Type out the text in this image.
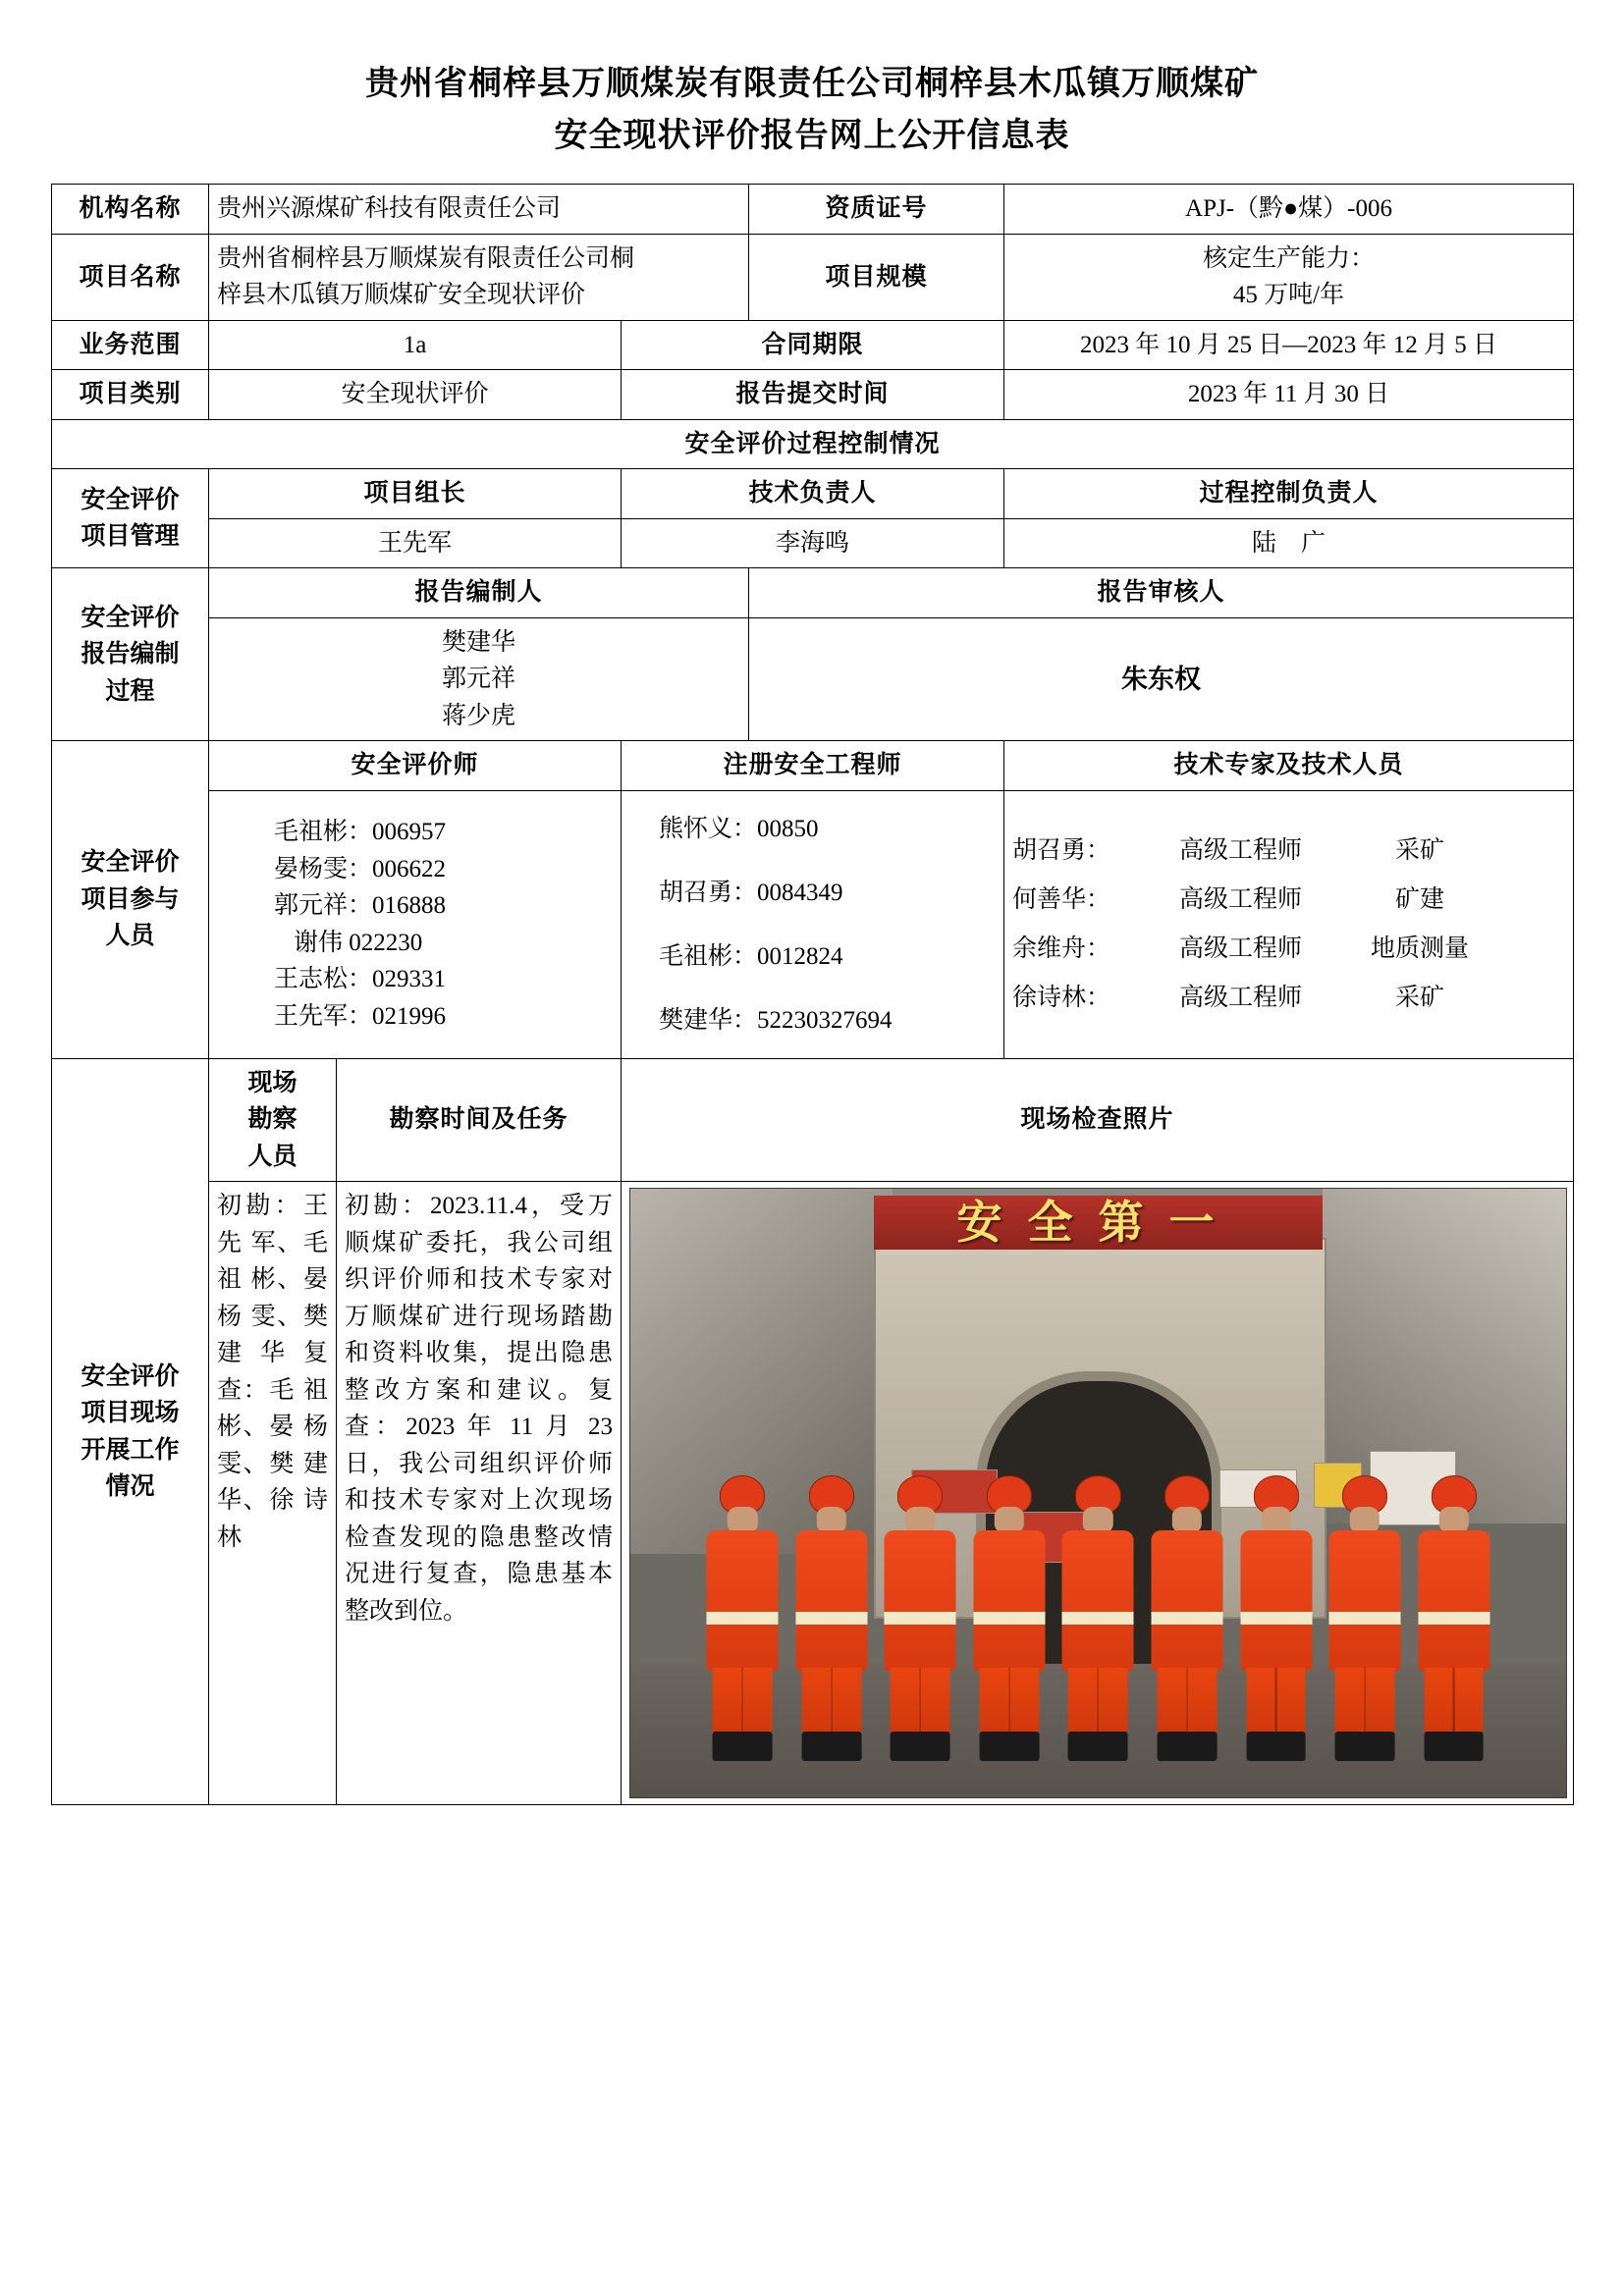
贵州省桐梓县万顺煤炭有限责任公司桐梓县木瓜镇万顺煤矿
安全现状评价报告网上公开信息表
机构名称	贵州兴源煤矿科技有限责任公司			资质证号	APJ-（黔●煤）-006
项目名称	
贵州省桐梓县万顺煤炭有限责任公司桐
梓县木瓜镇万顺煤矿安全现状评价
	项目规模	
核定生产能力：
45 万吨/年

业务范围	1a		合同期限		2023 年 10 月 25 日—2023 年 12 月 5 日
项目类别	安全现状评价		报告提交时间		2023 年 11 月 30 日
安全评价过程控制情况					

安全评价
项目管理	项目组长		技术负责人		过程控制负责人
	王先军		李海鸣		陆　广

安全评价
报告编制
过程	报告编制人			报告审核人	

	樊建华
郭元祥
蒋少虎			朱东权	

安全评价
项目参与
人员	安全评价师		注册安全工程师		技术专家及技术人员

毛祖彬：006957
晏杨雯：006622
郭元祥：016888
谢伟 022230
王志松：029331
王先军：021996

熊怀义：00850
胡召勇：0084349
毛祖彬：0012824
樊建华：52230327694

胡召勇：	高级工程师	采矿
何善华：	高级工程师	矿建
余维舟：	高级工程师	地质测量
徐诗林：	高级工程师	采矿

安全评价
项目现场
开展工作
情况

现场
勘察
人员
	勘察时间及任务	现场检查照片
	初勘：王 先 军、毛 祖 彬、晏 杨 雯、樊 建 华 复查：毛 祖 彬、晏 杨 雯、樊 建 华、徐 诗 林	初勘：2023.11.4，受万顺煤矿委托，我公司组织评价师和技术专家对万顺煤矿进行现场踏勘和资料收集，提出隐患整改方案和建议。复查：2023 年 11 月 23 日，我公司组织评价师和技术专家对上次现场检查发现的隐患整改情况进行复查，隐患基本整改到位。	安全第一		
